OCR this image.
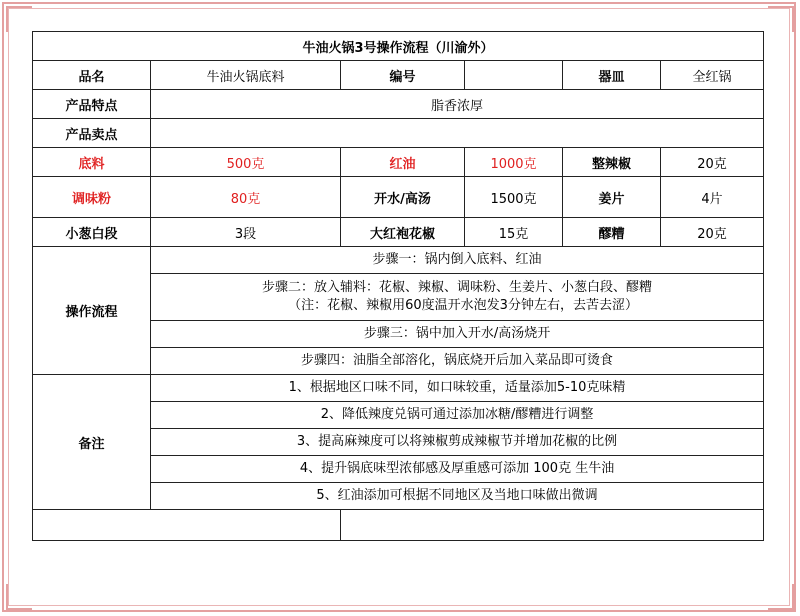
牛油火锅3号操作流程（川渝外）					
品名	牛油火锅底料	编号		器皿	全红锅
产品特点	脂香浓厚				
产品卖点					
底料	500克	红油	1000克	整辣椒	20克
调味粉	80克	开水/高汤	1500克	姜片	4片
小葱白段	3段	大红袍花椒	15克	醪糟	20克
操作流程	步骤一：锅内倒入底料、红油				

	步骤二：放入辅料：花椒、辣椒、调味粉、生姜片、小葱白段、醪糟
（注：花椒、辣椒用60度温开水泡发3分钟左右，去苦去涩）				

	步骤三：锅中加入开水/高汤烧开				
	步骤四：油脂全部溶化，锅底烧开后加入菜品即可烫食				
备注	1、根据地区口味不同，如口味较重，适量添加5-10克味精				
	2、降低辣度兑锅可通过添加冰糖/醪糟进行调整				
	3、提高麻辣度可以将辣椒剪成辣椒节并增加花椒的比例				
	4、提升锅底味型浓郁感及厚重感可添加 100克 生牛油				
	5、红油添加可根据不同地区及当地口味做出微调				
